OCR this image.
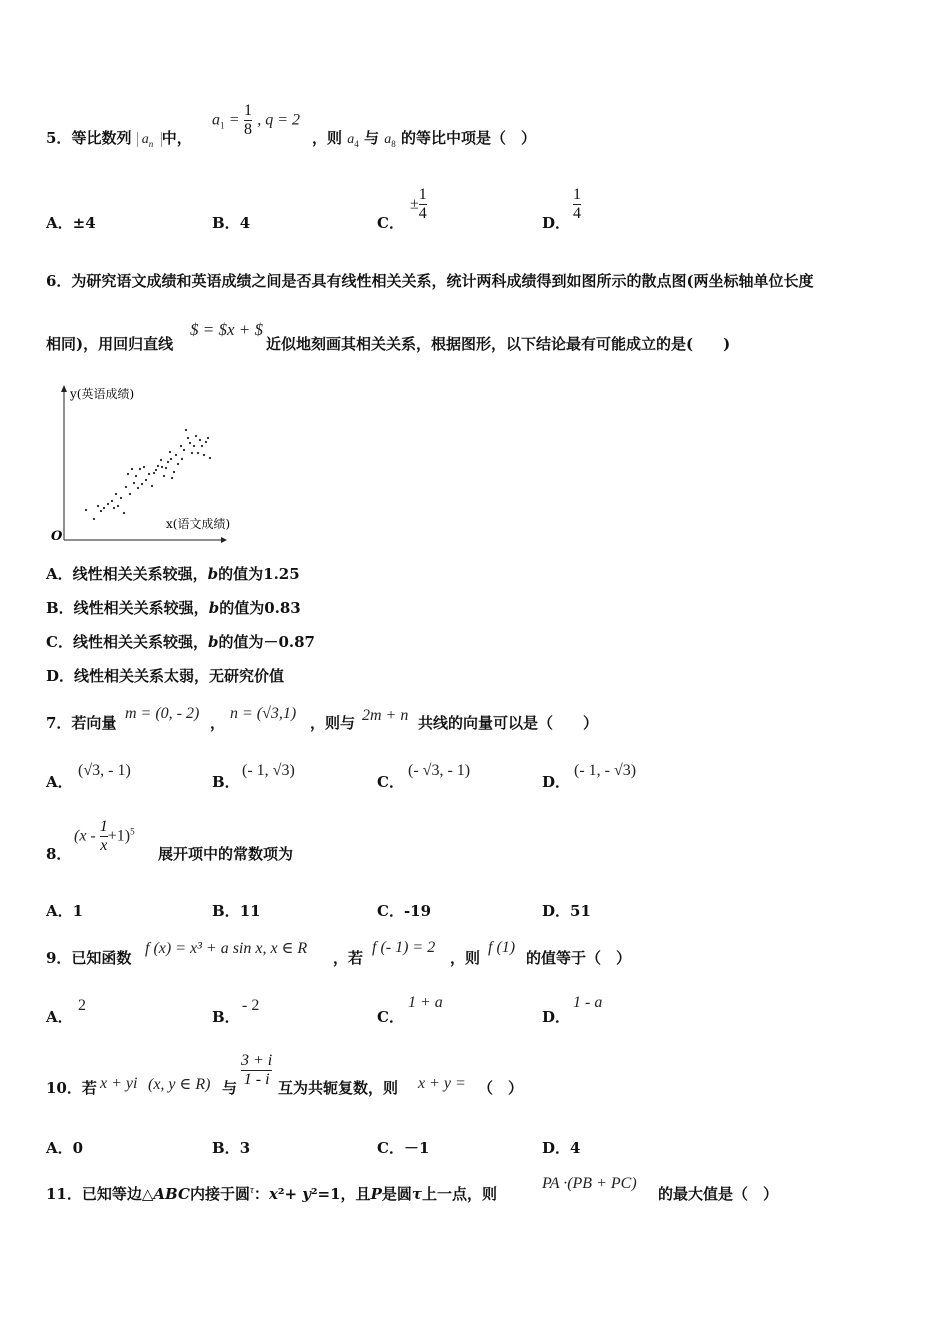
5．等比数列 $a_n$ 中，
$a_1 = \frac{1}{8}$ , q = 2
，则 $a_4$ 与 $a_8$ 的等比中项是（　）
A．±4	B．4	C．
± $\frac{1}{4}$	D． $\frac{1}{4}$
6．为研究语文成绩和英语成绩之间是否具有线性相关关系，统计两科成绩得到如图所示的散点图(两坐标轴单位长度
相同)，用回归直线
$ = $x + $
近似地刻画其相关关系，根据图形，以下结论最有可能成立的是(　　)
y(英语成绩)
x(语文成绩)
O
A．线性相关关系较强，b的值为1.25
B．线性相关关系较强，b的值为0.83
C．线性相关关系较强，b的值为－0.87
D．线性相关关系太弱，无研究价值
7．若向量
m = (0, - 2)
，
n = (√3,1)
，则与 2m + n 共线的向量可以是（　　）
A．
(√3, - 1)
B．
(- 1, √3)
C．
(- √3, - 1)
D．
(- 1, - √3)
8．
$(x - \frac{1}{x} +1)^5$
展开项中的常数项为
A．1	B．11	C．-19	D．51
9．已知函数
f (x) = x³ + a sin x, x ∈ R
，若
f (- 1) = 2
，则
f (1)
的值等于（　）
A．
2
B．
- 2
C．
1 + a
D．
1 - a
10．若 x + yi (x, y ∈ R) 与 $\frac{3 + i}{1 - i}$ 互为共轭复数，则 x + y = （　）
A．0	B．3	C．－1	D．4
11．已知等边△ABC内接于圆$^\tau$：x²+ y²=1，且P是圆τ上一点，则
PA ·(PB + PC)
的最大值是（　）
